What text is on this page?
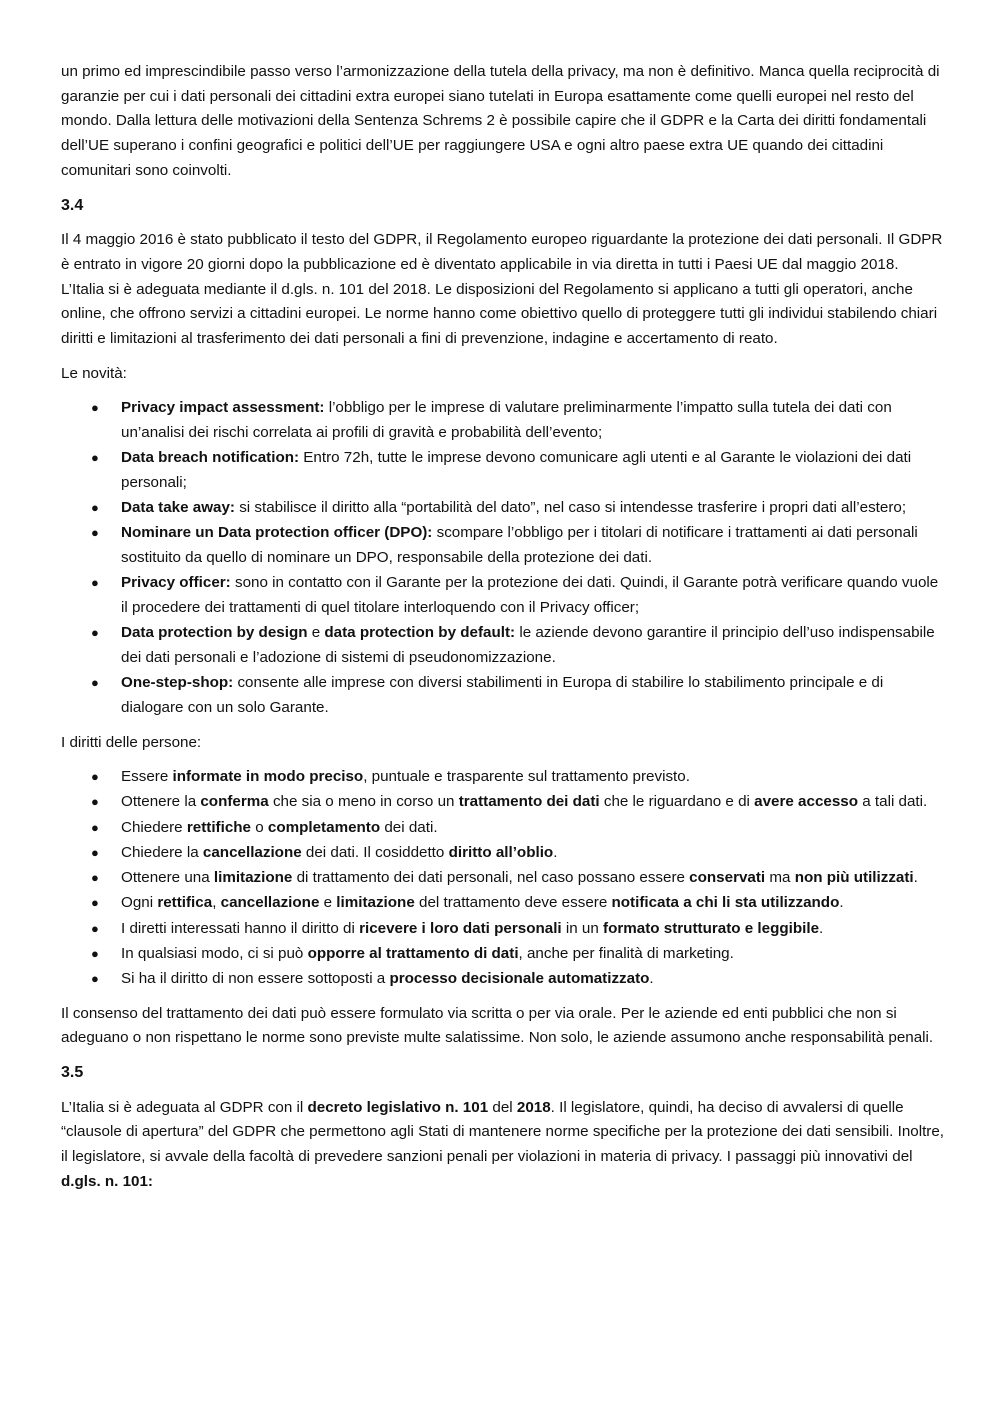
un primo ed imprescindibile passo verso l’armonizzazione della tutela della privacy, ma non è definitivo. Manca quella reciprocità di garanzie per cui i dati personali dei cittadini extra europei siano tutelati in Europa esattamente come quelli europei nel resto del mondo. Dalla lettura delle motivazioni della Sentenza Schrems 2 è possibile capire che il GDPR e la Carta dei diritti fondamentali dell’UE superano i confini geografici e politici dell’UE per raggiungere USA e ogni altro paese extra UE quando dei cittadini comunitari sono coinvolti.

3.4

Il 4 maggio 2016 è stato pubblicato il testo del GDPR, il Regolamento europeo riguardante la protezione dei dati personali. Il GDPR è entrato in vigore 20 giorni dopo la pubblicazione ed è diventato applicabile in via diretta in tutti i Paesi UE dal maggio 2018. L’Italia si è adeguata mediante il d.gls. n. 101 del 2018. Le disposizioni del Regolamento si applicano a tutti gli operatori, anche online, che offrono servizi a cittadini europei. Le norme hanno come obiettivo quello di proteggere tutti gli individui stabilendo chiari diritti e limitazioni al trasferimento dei dati personali a fini di prevenzione, indagine e accertamento di reato.

Le novità:

● Privacy impact assessment: l’obbligo per le imprese di valutare preliminarmente l’impatto sulla tutela dei dati con un’analisi dei rischi correlata ai profili di gravità e probabilità dell’evento;
● Data breach notification: Entro 72h, tutte le imprese devono comunicare agli utenti e al Garante le violazioni dei dati personali;
● Data take away: si stabilisce il diritto alla “portabilità del dato”, nel caso si intendesse trasferire i propri dati all’estero;
● Nominare un Data protection officer (DPO): scompare l’obbligo per i titolari di notificare i trattamenti ai dati personali sostituito da quello di nominare un DPO, responsabile della protezione dei dati.
● Privacy officer: sono in contatto con il Garante per la protezione dei dati. Quindi, il Garante potrà verificare quando vuole il procedere dei trattamenti di quel titolare interloquendo con il Privacy officer;
● Data protection by design e data protection by default: le aziende devono garantire il principio dell’uso indispensabile dei dati personali e l’adozione di sistemi di pseudonomizzazione.
● One-step-shop: consente alle imprese con diversi stabilimenti in Europa di stabilire lo stabilimento principale e di dialogare con un solo Garante.

I diritti delle persone:

● Essere informate in modo preciso, puntuale e trasparente sul trattamento previsto.
● Ottenere la conferma che sia o meno in corso un trattamento dei dati che le riguardano e di avere accesso a tali dati.
● Chiedere rettifiche o completamento dei dati.
● Chiedere la cancellazione dei dati. Il cosiddetto diritto all’oblio.
● Ottenere una limitazione di trattamento dei dati personali, nel caso possano essere conservati ma non più utilizzati.
● Ogni rettifica, cancellazione e limitazione del trattamento deve essere notificata a chi li sta utilizzando.
● I diretti interessati hanno il diritto di ricevere i loro dati personali in un formato strutturato e leggibile.
● In qualsiasi modo, ci si può opporre al trattamento di dati, anche per finalità di marketing.
● Si ha il diritto di non essere sottoposti a processo decisionale automatizzato.

Il consenso del trattamento dei dati può essere formulato via scritta o per via orale. Per le aziende ed enti pubblici che non si adeguano o non rispettano le norme sono previste multe salatissime. Non solo, le aziende assumono anche responsabilità penali.

3.5

L’Italia si è adeguata al GDPR con il decreto legislativo n. 101 del 2018. Il legislatore, quindi, ha deciso di avvalersi di quelle “clausole di apertura” del GDPR che permettono agli Stati di mantenere norme specifiche per la protezione dei dati sensibili. Inoltre, il legislatore, si avvale della facoltà di prevedere sanzioni penali per violazioni in materia di privacy. I passaggi più innovativi del d.gls. n. 101:
